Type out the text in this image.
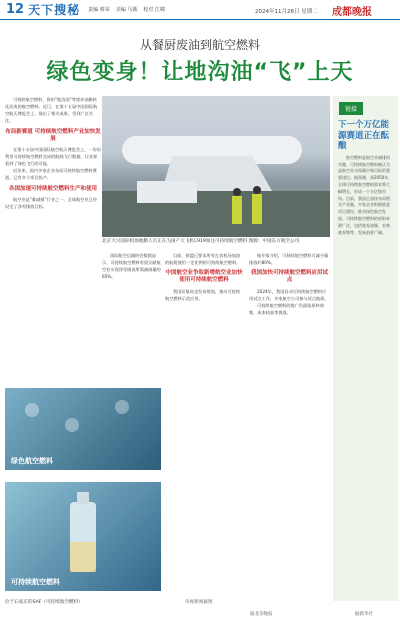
12 天下搜秘 责编 蔡荣 美编 马薇 校对 江啸	2024年11月26日 星期二 成都晚报
从餐厨废油到航空燃料
绿色变身！让地沟油“飞”上天

可持续航空燃料，即由“地沟油”等废弃油脂转化而成的航空燃料。近日，在第十五届中国国际航空航天博览会上，展出了相关成果，受到广泛关注。

布局新赛道 可持续航空燃料产业加快发展

在第十五届中国国际航空航天博览会上，一份份利用可持续航空燃料完成的航线飞行数据，让业界看到了绿色飞行的可能。

近年来，国内多家企业布局可持续航空燃料赛道，已有多个项目投产。

各国加速可持续航空燃料生产和使用

航空业是“难减排”行业之一，全球航空业已经设定了净零排放目标。

北京大兴国际机场地勤人员正在为国产大飞机C919加注可持续航空燃料 图源：中国东方航空公司

国际航空运输协会数据显示，可持续航空燃料有望贡献航空业实现净零排放所需减排量的65%。

目前，欧盟已要求所有在其机场加油的航班使用一定比例的可持续航空燃料。

中国航空业争取新增航空业加快使用可持续航空燃料

我国民航局也发布规划，推动可持续航空燃料示范应用。

据专家介绍，可持续航空燃料可减少碳排放约80%。

我国加快可持续航空燃料应用试点

2024年，我国启动可持续航空燃料应用试点工作，多家航空公司参与试点航班。

可持续航空燃料的推广仍面临原料收集、成本较高等挑战。

绿色航空燃料
可持续航空燃料
位于石家庄的SAF（可持续航空燃料）	央视新闻截图
据北京晚报	据新华社
链接
下一个万亿能源赛道正在酝酿

航空燃料是航空业减排的关键。可持续航空燃料被认为是航空业实现碳中和目标的重要途径。据预测，到2050年，全球可持续航空燃料需求将大幅增长，形成一个万亿级市场。目前，我国正加快布局相关产业链，多家企业积极推进项目建设，推动绿色航空发展。可持续航空燃料的原料来源广泛，包括废弃油脂、农林废弃物等，发展前景广阔。
